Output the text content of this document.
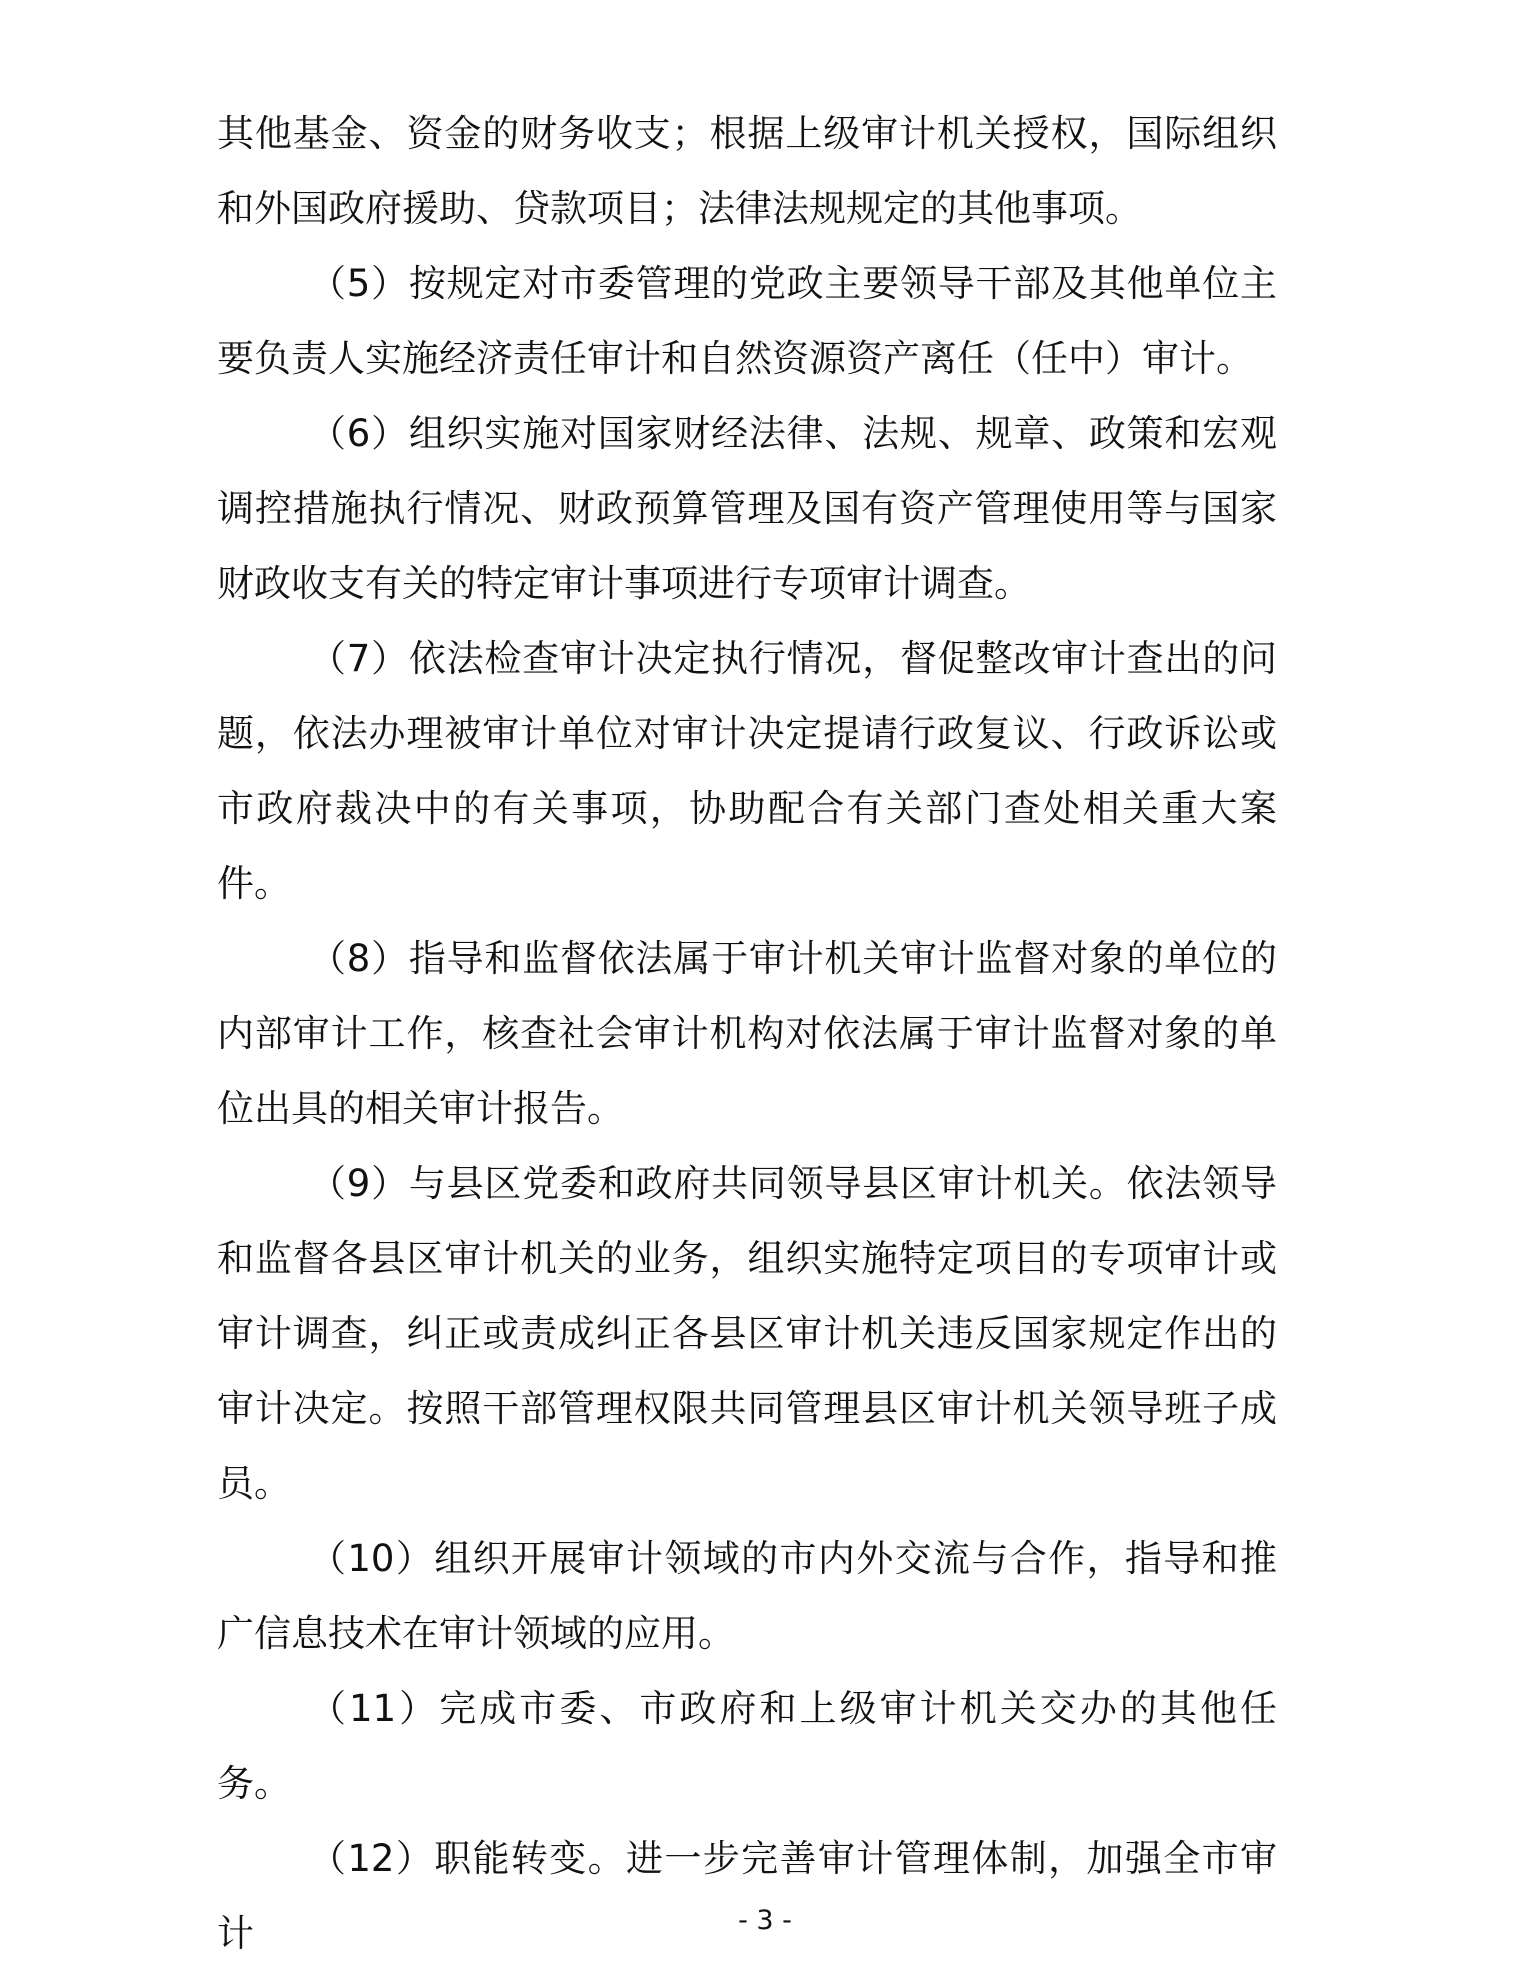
其他基金、资金的财务收支；根据上级审计机关授权，国际组织和外国政府援助、贷款项目；法律法规规定的其他事项。

（5）按规定对市委管理的党政主要领导干部及其他单位主要负责人实施经济责任审计和自然资源资产离任（任中）审计。

（6）组织实施对国家财经法律、法规、规章、政策和宏观调控措施执行情况、财政预算管理及国有资产管理使用等与国家财政收支有关的特定审计事项进行专项审计调查。

（7）依法检查审计决定执行情况，督促整改审计查出的问题，依法办理被审计单位对审计决定提请行政复议、行政诉讼或市政府裁决中的有关事项，协助配合有关部门查处相关重大案件。

（8）指导和监督依法属于审计机关审计监督对象的单位的内部审计工作，核查社会审计机构对依法属于审计监督对象的单位出具的相关审计报告。

（9）与县区党委和政府共同领导县区审计机关。依法领导和监督各县区审计机关的业务，组织实施特定项目的专项审计或审计调查，纠正或责成纠正各县区审计机关违反国家规定作出的审计决定。按照干部管理权限共同管理县区审计机关领导班子成员。

（10）组织开展审计领域的市内外交流与合作，指导和推广信息技术在审计领域的应用。

（11）完成市委、市政府和上级审计机关交办的其他任务。

（12）职能转变。进一步完善审计管理体制，加强全市审计	- 3 -
